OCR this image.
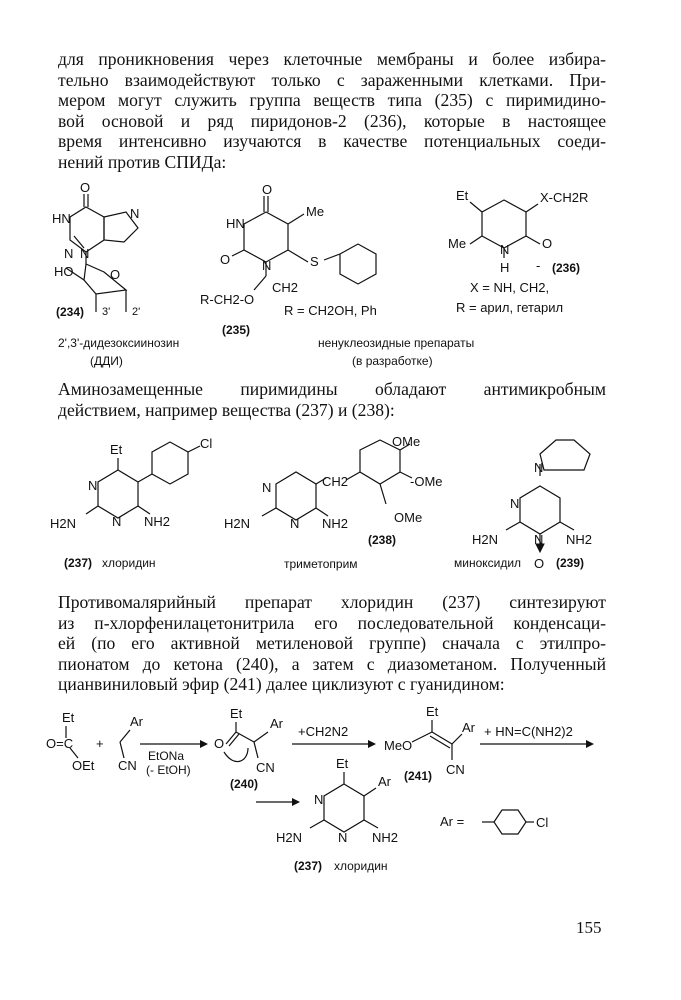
для проникновения через клеточные мембраны и более избира-
тельно взаимодействуют только с зараженными клетками. При-
мером могут служить группа веществ типа (235) с пиримидино-
вой основой и ряд пиридонов-2 (236), которые в настоящее
время интенсивно изучаются в качестве потенциальных соеди-
нений против СПИДа:
O
HN
N
N
N
HO	O
3' 2'
(234)
2',3'-дидезоксиинозин
(ДДИ)
O
Me
HN
O N	S
CH2
R-CH2-O
(235)
R = CH2OH, Ph
Et	X-CH2R
Me	N	O
H - (236)
X = NH, CH2,
R = арил, гетарил
ненуклеозидные препараты
(в разработке)
Аминозамещенные пиримидины обладают антимикробным
действием, например вещества (237) и (238):
Et	Cl
N
H2N	N NH2
(237) хлоридин
OMe
CH2	-OMe
OMe
N
H2N	N NH2
(238)
триметоприм
N
N
H2N	N NH2
O
миноксидил	(239)
Противомалярийный препарат хлоридин (237) синтезируют
из п-хлорфенилацетонитрила его последовательной конденсаци-
ей (по его активной метиленовой группе) сначала с этилпро-
пионатом до кетона (240), а затем с диазометаном. Полученный
цианвиниловый эфир (241) далее циклизуют с гуанидином:
Et
O=C
OEt
+
Ar
CN
EtONa
(- EtOH)
Et
O
Ar
CN
(240)
+CH2N2
Et
MeO
Ar
CN
(241)
+ HN=C(NH2)2
Et
Ar
N
H2N	N NH2
(237) хлоридин
Ar =	Cl
155
